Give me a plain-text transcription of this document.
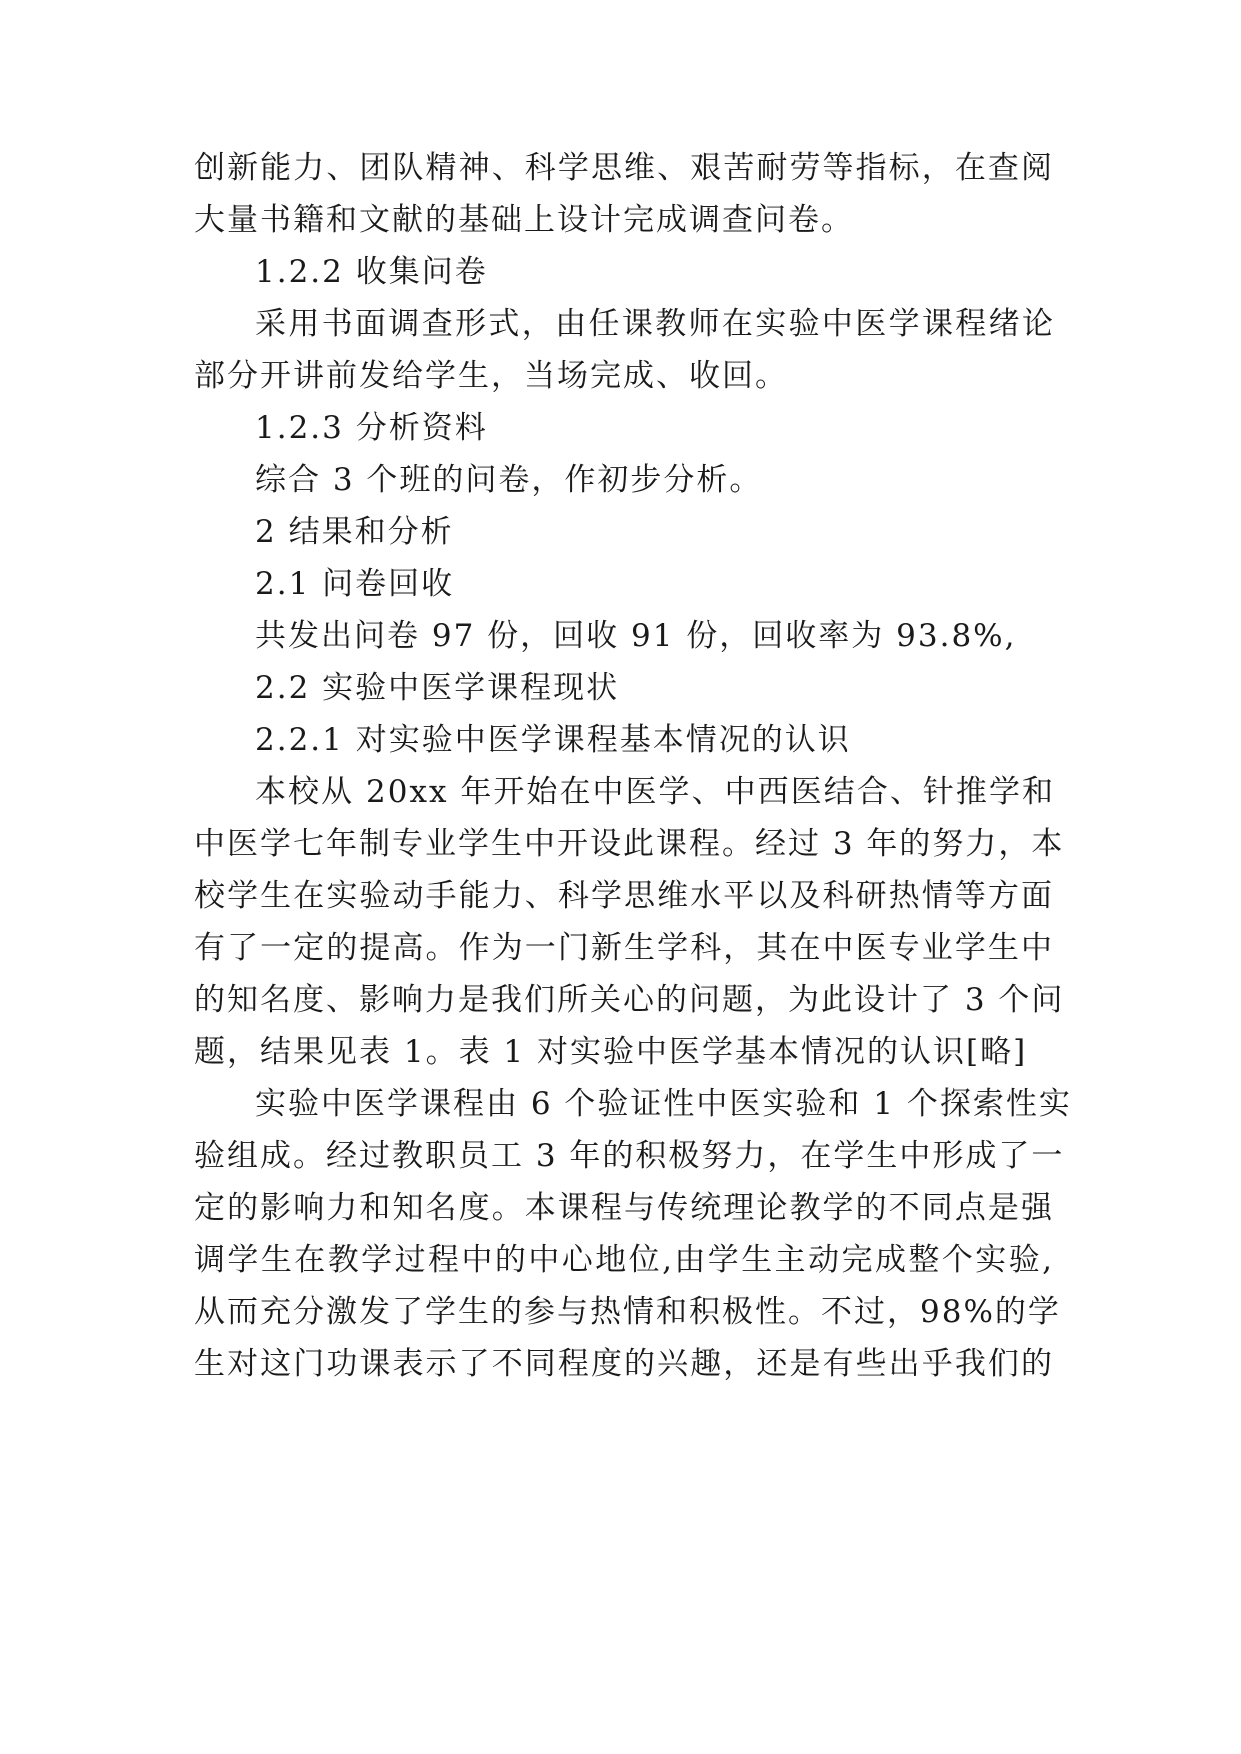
创新能力、团队精神、科学思维、艰苦耐劳等指标，在查阅
大量书籍和文献的基础上设计完成调查问卷。
1.2.2 收集问卷
采用书面调查形式，由任课教师在实验中医学课程绪论
部分开讲前发给学生，当场完成、收回。
1.2.3 分析资料
综合 3 个班的问卷，作初步分析。
2 结果和分析
2.1 问卷回收
共发出问卷 97 份，回收 91 份，回收率为 93.8%,
2.2 实验中医学课程现状
2.2.1 对实验中医学课程基本情况的认识
本校从 20xx 年开始在中医学、中西医结合、针推学和
中医学七年制专业学生中开设此课程。经过 3 年的努力，本
校学生在实验动手能力、科学思维水平以及科研热情等方面
有了一定的提高。作为一门新生学科，其在中医专业学生中
的知名度、影响力是我们所关心的问题，为此设计了 3 个问
题，结果见表 1。表 1 对实验中医学基本情况的认识[略]
实验中医学课程由 6 个验证性中医实验和 1 个探索性实
验组成。经过教职员工 3 年的积极努力，在学生中形成了一
定的影响力和知名度。本课程与传统理论教学的不同点是强
调学生在教学过程中的中心地位,由学生主动完成整个实验,
从而充分激发了学生的参与热情和积极性。不过，98%的学
生对这门功课表示了不同程度的兴趣，还是有些出乎我们的
